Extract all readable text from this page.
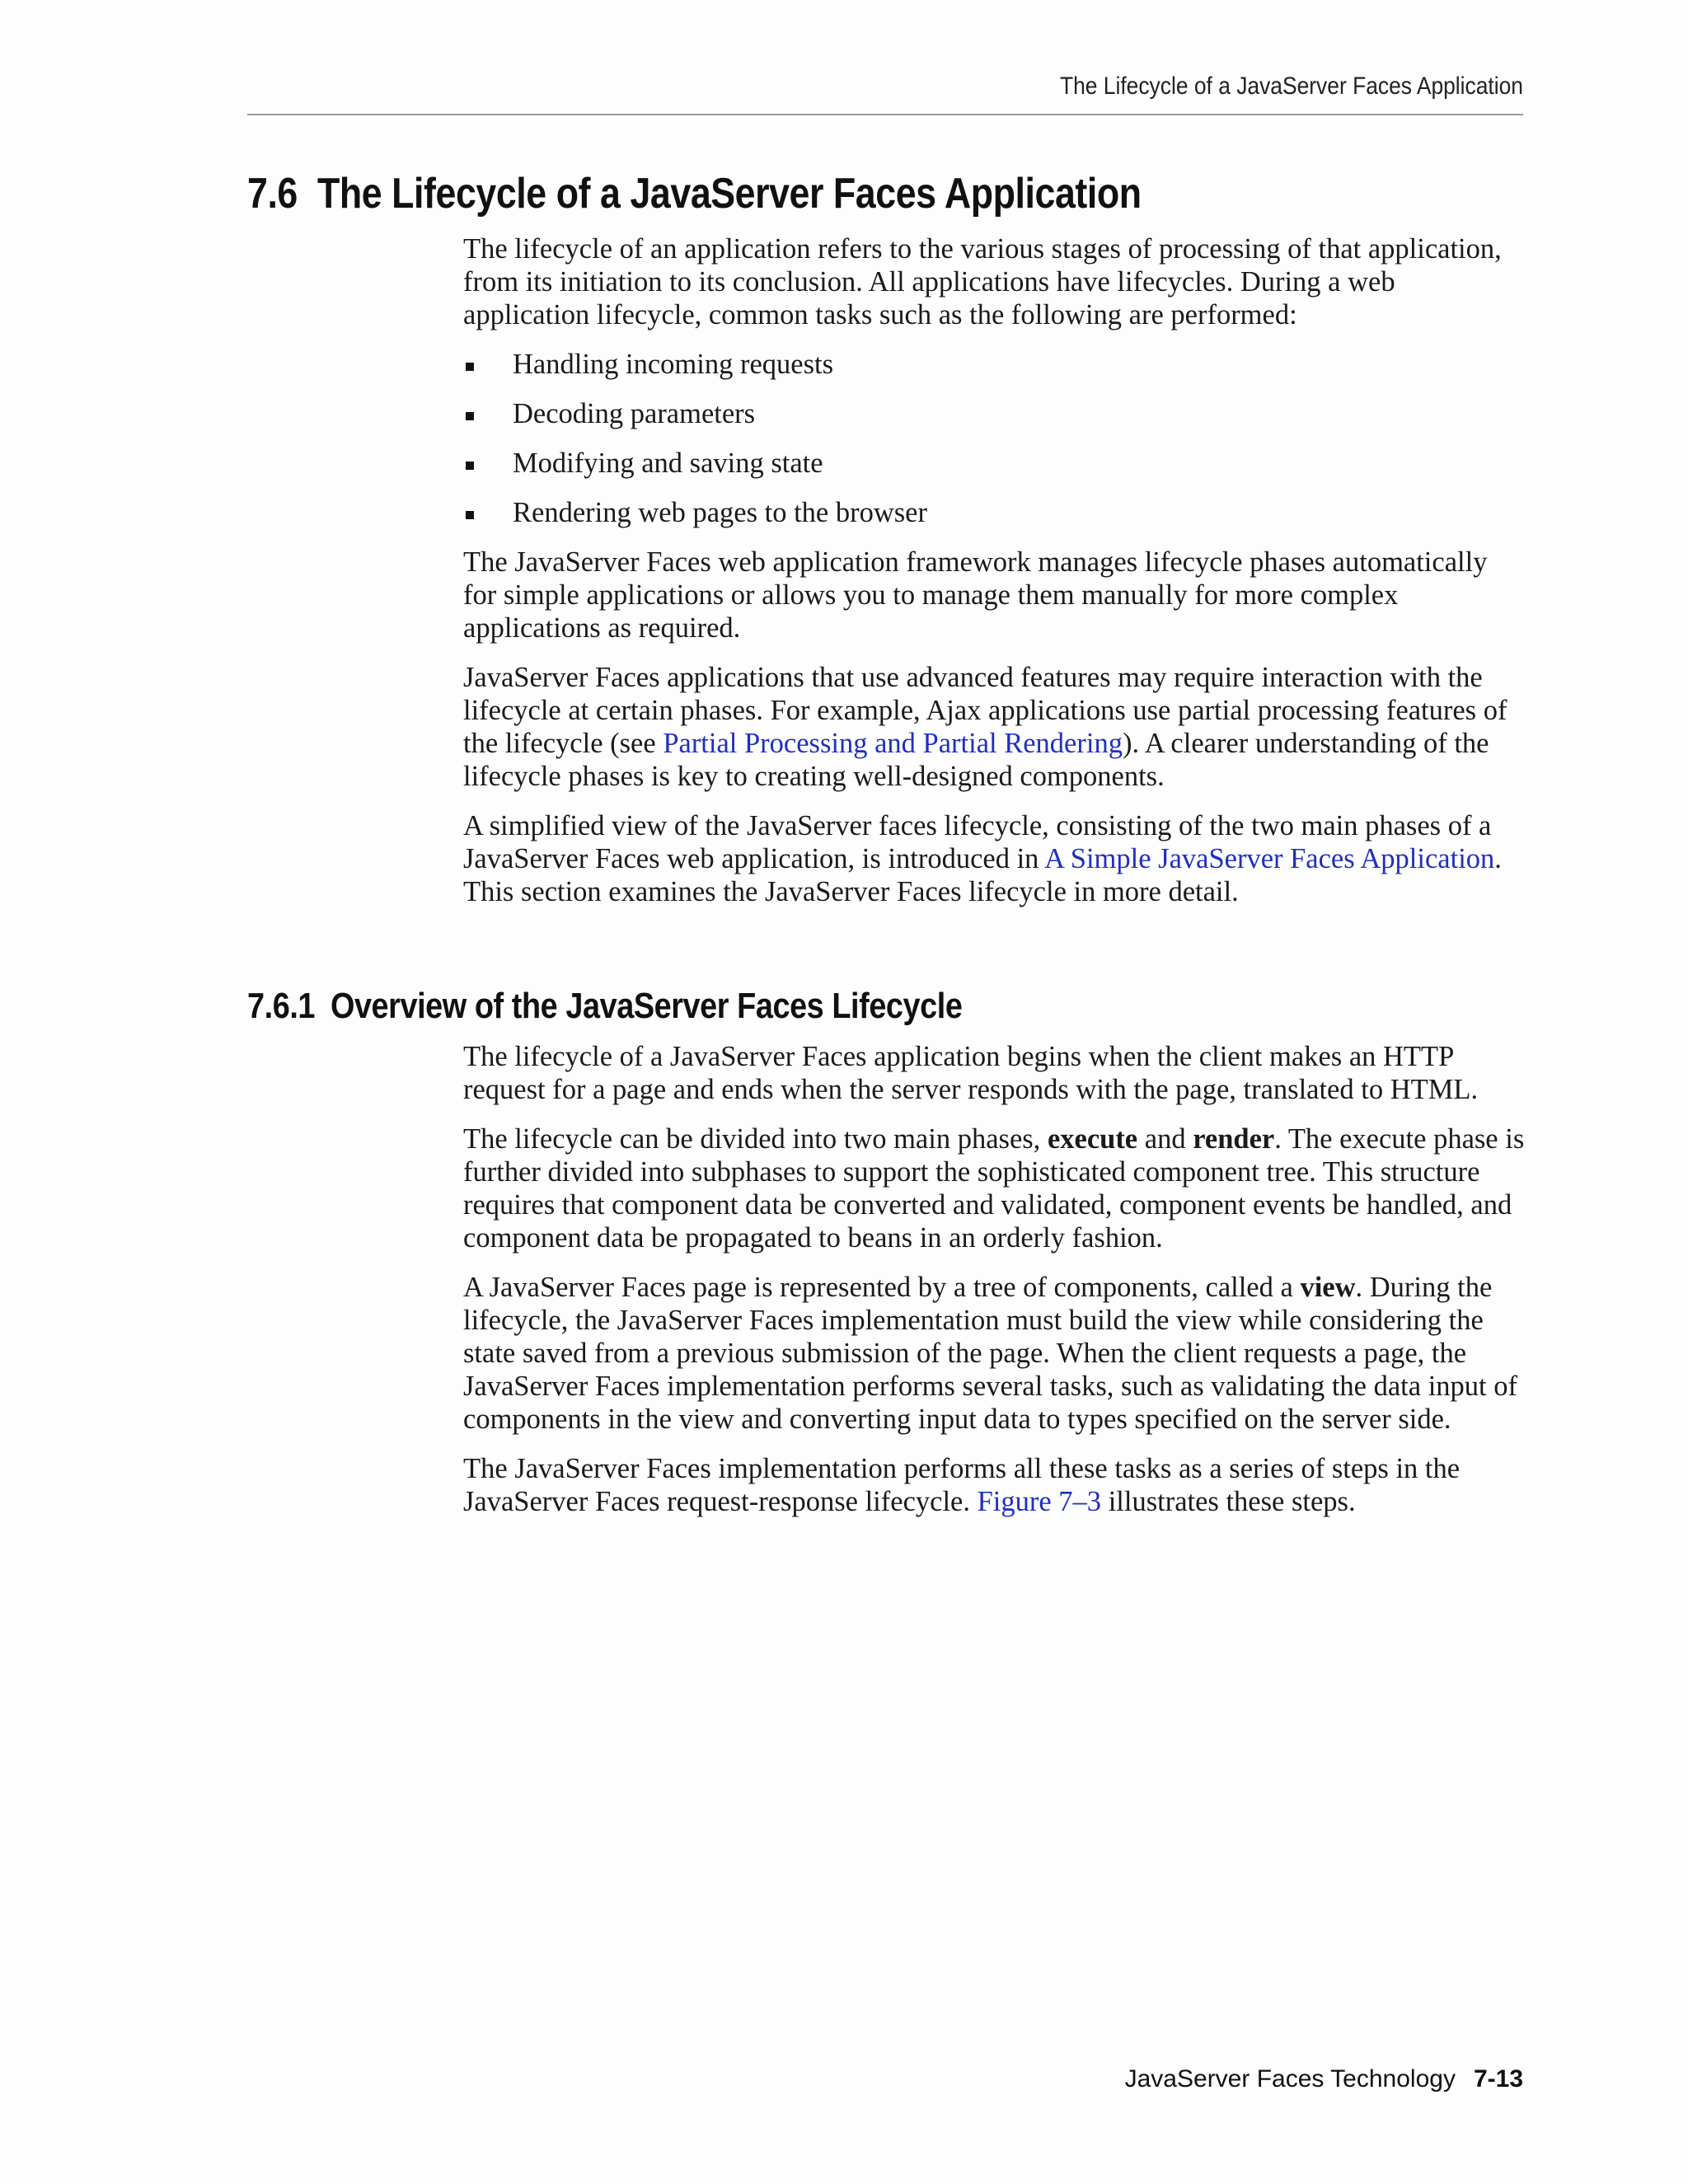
The Lifecycle of a JavaServer Faces Application
7.6 The Lifecycle of a JavaServer Faces Application

The lifecycle of an application refers to the various stages of processing of that application, from its initiation to its conclusion. All applications have lifecycles. During a web application lifecycle, common tasks such as the following are performed:

Handling incoming requests
Decoding parameters
Modifying and saving state
Rendering web pages to the browser

The JavaServer Faces web application framework manages lifecycle phases automatically for simple applications or allows you to manage them manually for more complex applications as required.

JavaServer Faces applications that use advanced features may require interaction with the lifecycle at certain phases. For example, Ajax applications use partial processing features of the lifecycle (see Partial Processing and Partial Rendering). A clearer understanding of the lifecycle phases is key to creating well-designed components.

A simplified view of the JavaServer faces lifecycle, consisting of the two main phases of a JavaServer Faces web application, is introduced in A Simple JavaServer Faces Application. This section examines the JavaServer Faces lifecycle in more detail.

7.6.1 Overview of the JavaServer Faces Lifecycle

The lifecycle of a JavaServer Faces application begins when the client makes an HTTP request for a page and ends when the server responds with the page, translated to HTML.

The lifecycle can be divided into two main phases, execute and render. The execute phase is further divided into subphases to support the sophisticated component tree. This structure requires that component data be converted and validated, component events be handled, and component data be propagated to beans in an orderly fashion.

A JavaServer Faces page is represented by a tree of components, called a view. During the lifecycle, the JavaServer Faces implementation must build the view while considering the state saved from a previous submission of the page. When the client requests a page, the JavaServer Faces implementation performs several tasks, such as validating the data input of components in the view and converting input data to types specified on the server side.

The JavaServer Faces implementation performs all these tasks as a series of steps in the JavaServer Faces request-response lifecycle. Figure 7–3 illustrates these steps.

JavaServer Faces Technology 7-13
